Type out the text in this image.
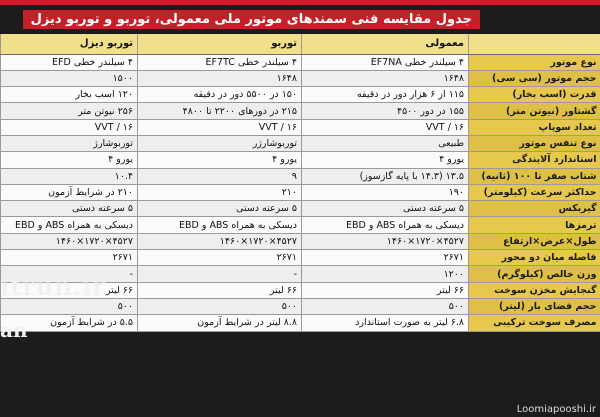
جدول مقایسه فنی سمندهای موتور ملی معمولی، توربو و توربو دیزل
توربو دیزل	توربو	معمولی	
۴ سیلندر خطی EFD	۴ سیلندر خطی EF7TC	۴ سیلندر خطی EF7NA	نوع موتور
۱۵۰۰	۱۶۴۸	۱۶۴۸	حجم موتور (سی سی)
۱۲۰ اسب بخار	۱۵۰ در ۵۵۰۰ دور در دقیقه	۱۱۵ از ۶ هزار دور در دقیقه	قدرت (اسب بخار)
۲۵۶ نیوتن متر	۲۱۵ در دورهای ۲۲۰۰ تا ۴۸۰۰	۱۵۵ در دور ۴۵۰۰	گشتاور (نیوتن متر)
VVT / ۱۶	VVT / ۱۶	VVT / ۱۶	تعداد سوپاپ
توربوشارژ	توربوشارژر	طبیعی	نوع تنفس موتور
یورو ۴	یورو ۴	یورو ۴	استاندارد آلایندگی
۱۰.۴	۹	۱۳.۵ (۱۴.۳ با پایه گازسوز)	شتاب صفر تا ۱۰۰ (ثانیه)
۲۱۰ در شرایط آزمون	۲۱۰	۱۹۰	حداکثر سرعت (کیلومتر)
۵ سرعته دستی	۵ سرعته دستی	۵ سرعته دستی	گیربکس
دیسکی به همراه ABS و EBD	دیسکی به همراه ABS و EBD	دیسکی به همراه ABS و EBD	ترمزها
۴۵۲۷×۱۷۲۰×۱۴۶۰	۴۵۲۷×۱۷۲۰×۱۴۶۰	۴۵۲۷×۱۷۲۰×۱۴۶۰	طول×عرض×ارتفاع
۲۶۷۱	۲۶۷۱	۲۶۷۱	فاصله میان دو محور
-	-	۱۲۰۰	وزن خالص (کیلوگرم)
۶۶ لیتر	۶۶ لیتر	۶۶ لیتر	گنجایش مخزن سوخت
۵۰۰	۵۰۰	۵۰۰	حجم فضای بار (لیتر)
۵.۵ در شرایط آزمون	۸.۸ لیتر در شرایط آزمون	۶.۸ لیتر به صورت استاندارد	مصرف سوخت ترکیبی
itrun.ir
an
Loomiapooshi.ir
